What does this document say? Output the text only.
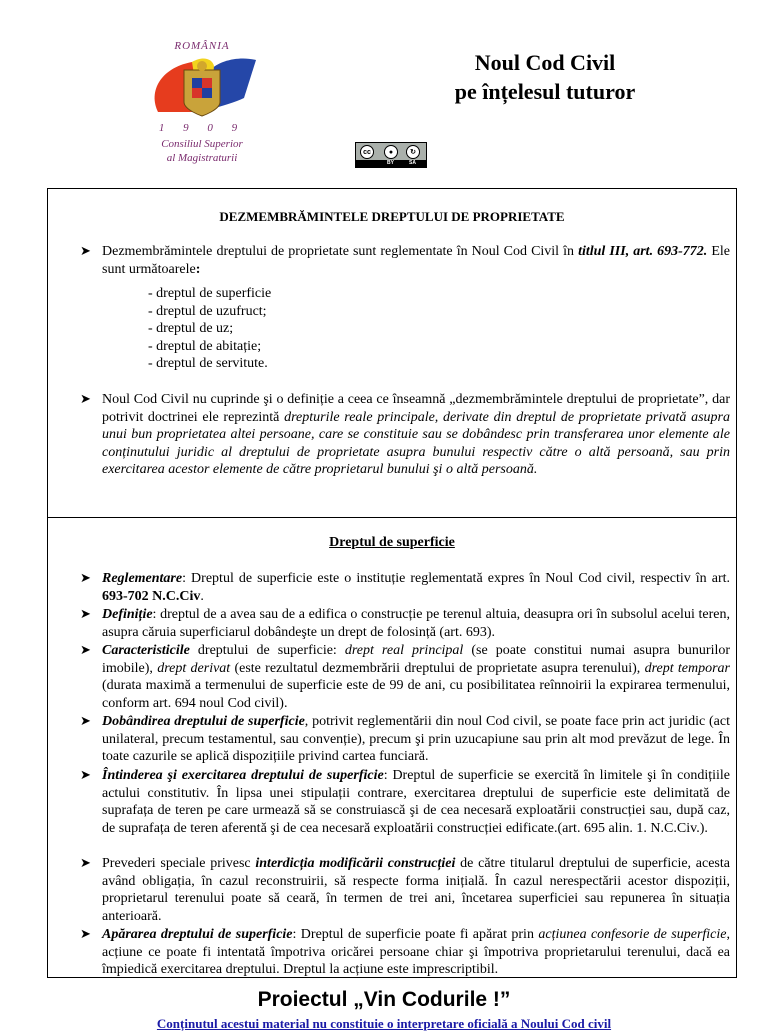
ROMÂNIA
1 9 0 9
Consiliul Superior
al Magistraturii
Noul Cod Civil
pe înțelesul tuturor
cc	●	↻
BY	SA
DEZMEMBRĂMINTELE DREPTULUI DE PROPRIETATE
➤ Dezmembrămintele dreptului de proprietate sunt reglementate în Noul Cod Civil în titlul III, art. 693-772. Ele sunt următoarele:

- dreptul de superficie
- dreptul de uzufruct;
- dreptul de uz;
- dreptul de abitație;
- dreptul de servitute.
➤ Noul Cod Civil nu cuprinde şi o definiție a ceea ce înseamnă „dezmembrămintele dreptului de proprietate”, dar potrivit doctrinei ele reprezintă drepturile reale principale, derivate din dreptul de proprietate privată asupra unui bun proprietatea altei persoane, care se constituie sau se dobândesc prin transferarea unor elemente ale conținutului juridic al dreptului de proprietate asupra bunului respectiv către o altă persoană, sau prin exercitarea acestor elemente de către proprietarul bunului şi o altă persoană.

Dreptul de superficie
➤ Reglementare: Dreptul de superficie este o instituție reglementată expres în Noul Cod civil, respectiv în art. 693-702 N.C.Civ.

➤ Definiție: dreptul de a avea sau de a edifica o construcție pe terenul altuia, deasupra ori în subsolul acelui teren, asupra căruia superficiarul dobândeşte un drept de folosință (art. 693).

➤ Caracteristicile dreptului de superficie: drept real principal (se poate constitui numai asupra bunurilor imobile), drept derivat (este rezultatul dezmembrării dreptului de proprietate asupra terenului), drept temporar (durata maximă a termenului de superficie este de 99 de ani, cu posibilitatea reînnoirii la expirarea termenului, conform art. 694 noul Cod civil).

➤ Dobândirea dreptului de superficie, potrivit reglementării din noul Cod civil, se poate face prin act juridic (act unilateral, precum testamentul, sau convenție), precum şi prin uzucapiune sau prin alt mod prevăzut de lege. În toate cazurile se aplică dispozițiile privind cartea funciară.

➤ Întinderea şi exercitarea dreptului de superficie: Dreptul de superficie se exercită în limitele şi în condițiile actului constitutiv. În lipsa unei stipulații contrare, exercitarea dreptului de superficie este delimitată de suprafața de teren pe care urmează să se construiască şi de cea necesară exploatării construcției sau, după caz, de suprafața de teren aferentă şi de cea necesară exploatării construcției edificate.(art. 695 alin. 1. N.C.Civ.).

➤ Prevederi speciale privesc interdicția modificării construcției de către titularul dreptului de superficie, acesta având obligația, în cazul reconstruirii, să respecte forma inițială. În cazul nerespectării acestor dispoziții, proprietarul terenului poate să ceară, în termen de trei ani, încetarea superficiei sau repunerea în situația anterioară.

➤ Apărarea dreptului de superficie: Dreptul de superficie poate fi apărat prin acțiunea confesorie de superficie, acțiune ce poate fi intentată împotriva oricărei persoane chiar şi împotriva proprietarului terenului, dacă ea împiedică exercitarea dreptului. Dreptul la acțiune este imprescriptibil.

Proiectul „Vin Codurile !”
Conținutul acestui material nu constituie o interpretare oficială a Noului Cod civil
